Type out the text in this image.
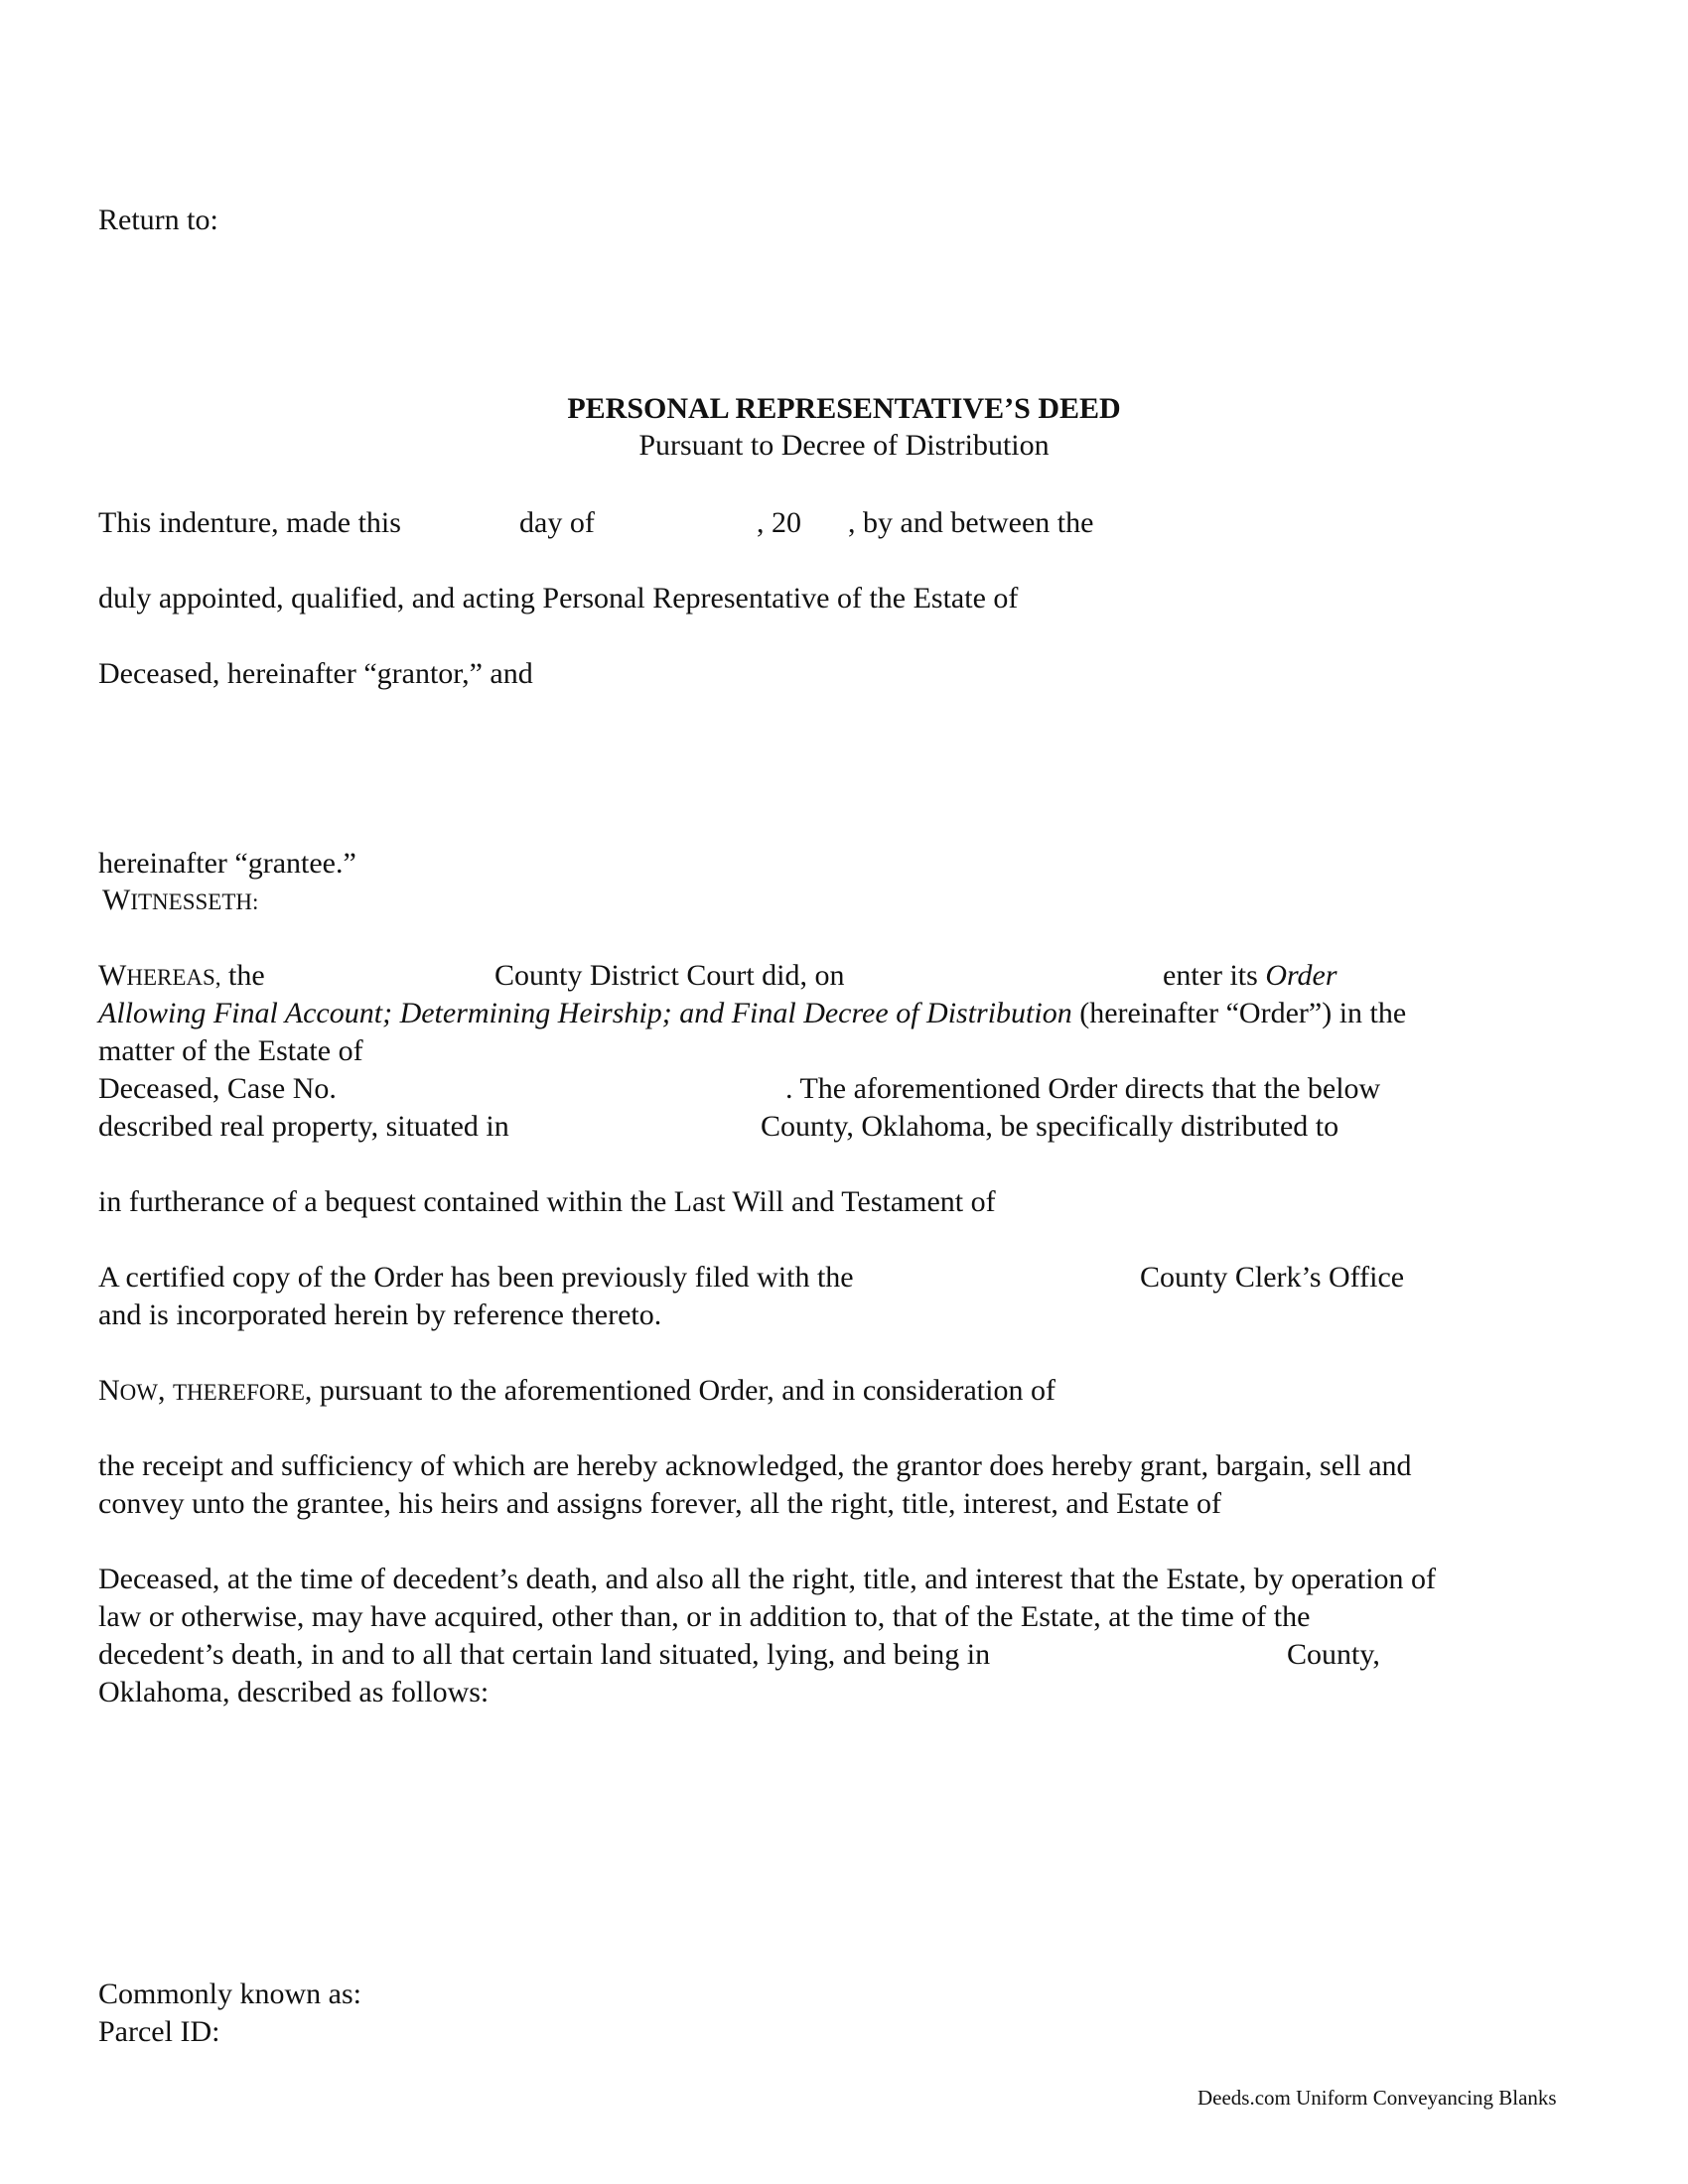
Return to:
PERSONAL REPRESENTATIVE’S DEED
Pursuant to Decree of Distribution
This indenture, made this	day of	, 20 , by and between the
duly appointed, qualified, and acting Personal Representative of the Estate of
Deceased, hereinafter “grantor,” and
hereinafter “grantee.”
WITNESSETH:
WHEREAS, the	County District Court did, on	enter its Order
Allowing Final Account; Determining Heirship; and Final Decree of Distribution (hereinafter “Order”) in the
matter of the Estate of
Deceased, Case No.	. The aforementioned Order directs that the below
described real property, situated in	County, Oklahoma, be specifically distributed to
in furtherance of a bequest contained within the Last Will and Testament of
A certified copy of the Order has been previously filed with the	County Clerk’s Office
and is incorporated herein by reference thereto.
NOW, THEREFORE, pursuant to the aforementioned Order, and in consideration of
the receipt and sufficiency of which are hereby acknowledged, the grantor does hereby grant, bargain, sell and
convey unto the grantee, his heirs and assigns forever, all the right, title, interest, and Estate of
Deceased, at the time of decedent’s death, and also all the right, title, and interest that the Estate, by operation of
law or otherwise, may have acquired, other than, or in addition to, that of the Estate, at the time of the
decedent’s death, in and to all that certain land situated, lying, and being in	County,
Oklahoma, described as follows:
Commonly known as:
Parcel ID:
Deeds.com Uniform Conveyancing Blanks
